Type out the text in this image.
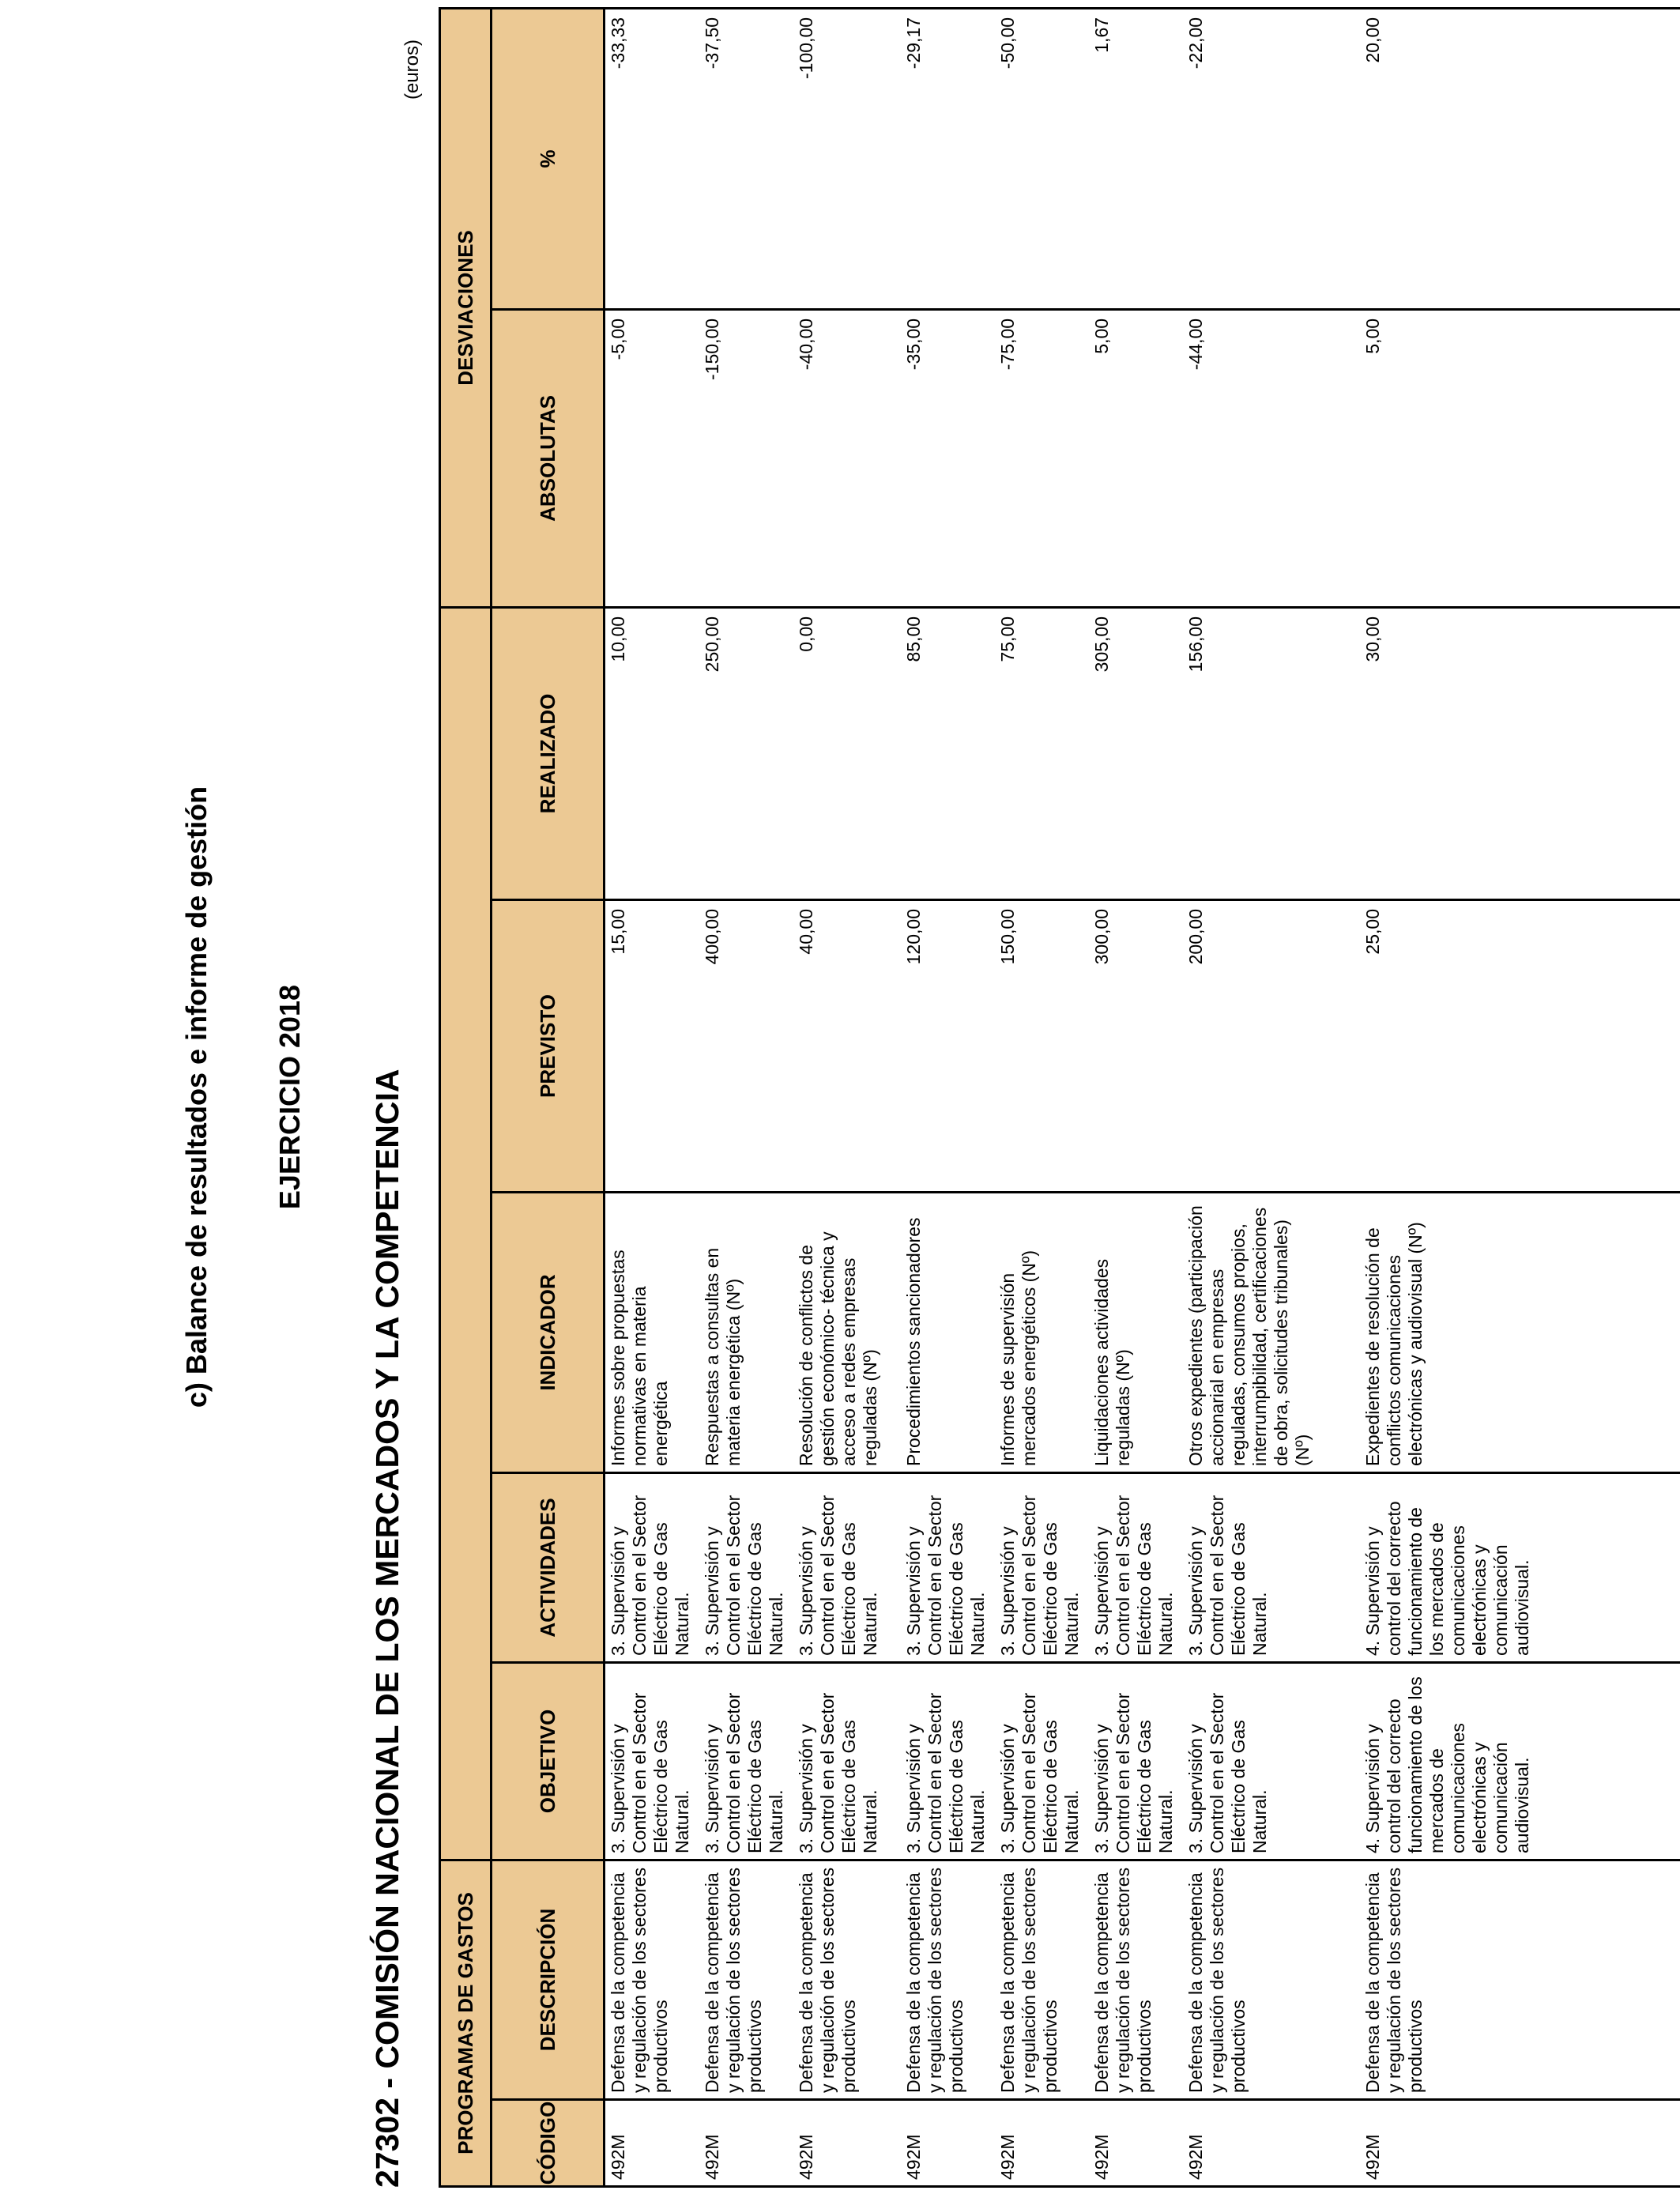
c) Balance de resultados e informe de gestión EJERCICIO 2018 27302 - COMISIÓN NACIONAL DE LOS MERCADOS Y LA COMPETENCIA
(euros)
PROGRAMAS DE GASTOS							DESVIACIONES	
CÓDIGO	DESCRIPCIÓN	OBJETIVO	ACTIVIDADES	INDICADOR	PREVISTO	REALIZADO	ABSOLUTAS	%
492M	Defensa de la competencia y regulación de los sectores productivos	3. Supervisión y Control en el Sector Eléctrico de Gas Natural.	3. Supervisión y Control en el Sector Eléctrico de Gas Natural.	Informes sobre propuestas normativas en materia energética	15,00	10,00	-5,00	-33,33
492M	Defensa de la competencia y regulación de los sectores productivos	3. Supervisión y Control en el Sector Eléctrico de Gas Natural.	3. Supervisión y Control en el Sector Eléctrico de Gas Natural.	Respuestas a consultas en materia energética (Nº)	400,00	250,00	-150,00	-37,50
492M	Defensa de la competencia y regulación de los sectores productivos	3. Supervisión y Control en el Sector Eléctrico de Gas Natural.	3. Supervisión y Control en el Sector Eléctrico de Gas Natural.	Resolución de conflictos de gestión económico- técnica y acceso a redes empresas reguladas (Nº)	40,00	0,00	-40,00	-100,00
492M	Defensa de la competencia y regulación de los sectores productivos	3. Supervisión y Control en el Sector Eléctrico de Gas Natural.	3. Supervisión y Control en el Sector Eléctrico de Gas Natural.	Procedimientos sancionadores	120,00	85,00	-35,00	-29,17
492M	Defensa de la competencia y regulación de los sectores productivos	3. Supervisión y Control en el Sector Eléctrico de Gas Natural.	3. Supervisión y Control en el Sector Eléctrico de Gas Natural.	Informes de supervisión mercados energéticos (Nº)	150,00	75,00	-75,00	-50,00
492M	Defensa de la competencia y regulación de los sectores productivos	3. Supervisión y Control en el Sector Eléctrico de Gas Natural.	3. Supervisión y Control en el Sector Eléctrico de Gas Natural.	Liquidaciones actividades reguladas (Nº)	300,00	305,00	5,00	1,67
492M	Defensa de la competencia y regulación de los sectores productivos	3. Supervisión y Control en el Sector Eléctrico de Gas Natural.	3. Supervisión y Control en el Sector Eléctrico de Gas Natural.	Otros expedientes (participación accionarial en empresas reguladas, consumos propios, interrumpibilidad, certificaciones de obra, solicitudes tribunales) (Nº)	200,00	156,00	-44,00	-22,00
492M	Defensa de la competencia y regulación de los sectores productivos	4. Supervisión y control del correcto funcionamiento de los mercados de comunicaciones electrónicas y comunicación audiovisual.	4. Supervisión y control del correcto funcionamiento de los mercados de comunicaciones electrónicas y comunicación audiovisual.	Expedientes de resolución de conflictos comunicaciones electrónicas y audiovisual (Nº)	25,00	30,00	5,00	20,00
